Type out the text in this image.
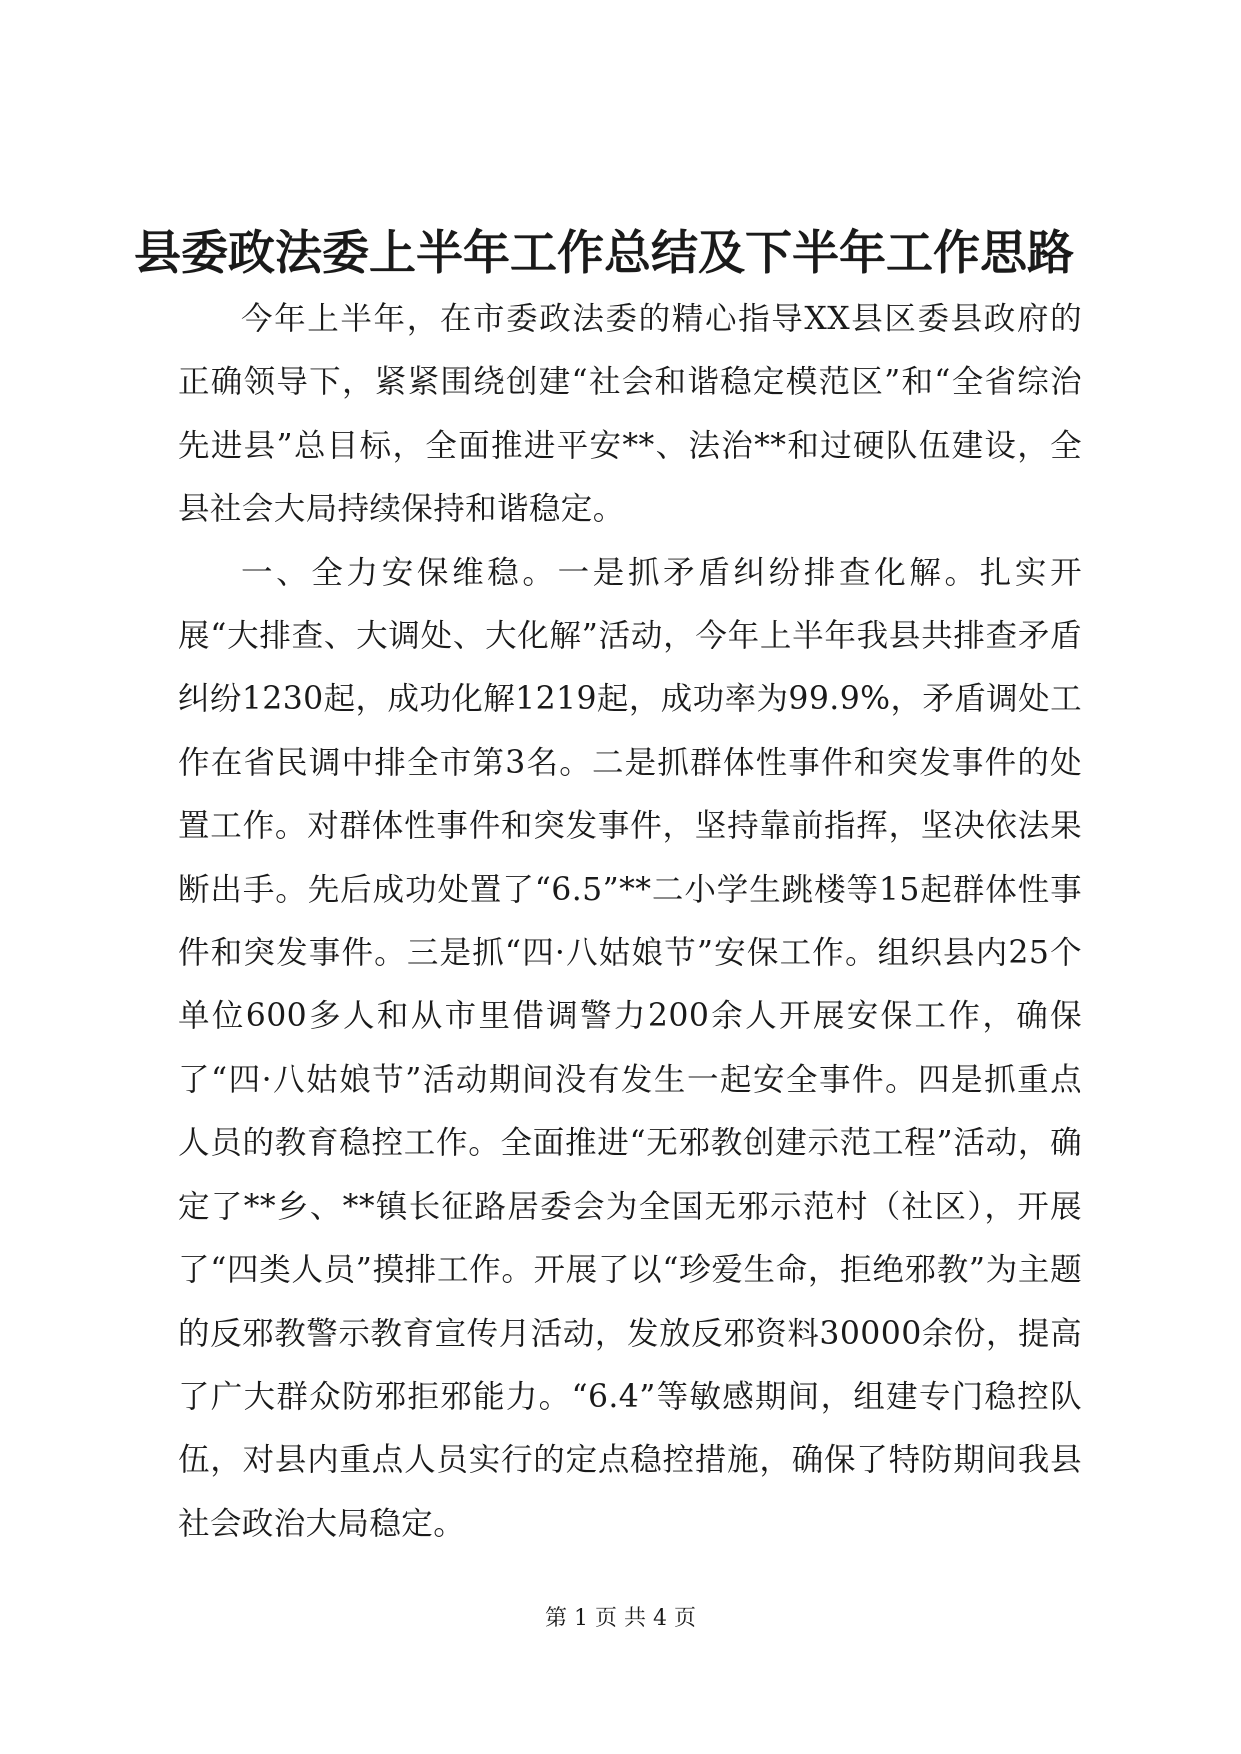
县委政法委上半年工作总结及下半年工作思路

今年上半年，在市委政法委的精心指导XX县区委县政府的正确领导下，紧紧围绕创建“社会和谐稳定模范区”和“全省综治先进县”总目标，全面推进平安**、法治**和过硬队伍建设，全县社会大局持续保持和谐稳定。

一、全力安保维稳。一是抓矛盾纠纷排查化解。扎实开展“大排查、大调处、大化解”活动，今年上半年我县共排查矛盾纠纷1230起，成功化解1219起，成功率为99.9%，矛盾调处工作在省民调中排全市第3名。二是抓群体性事件和突发事件的处置工作。对群体性事件和突发事件，坚持靠前指挥，坚决依法果断出手。先后成功处置了“6.5”**二小学生跳楼等15起群体性事件和突发事件。三是抓“四·八姑娘节”安保工作。组织县内25个单位600多人和从市里借调警力200余人开展安保工作，确保了“四·八姑娘节”活动期间没有发生一起安全事件。四是抓重点人员的教育稳控工作。全面推进“无邪教创建示范工程”活动，确定了**乡、**镇长征路居委会为全国无邪示范村（社区），开展了“四类人员”摸排工作。开展了以“珍爱生命，拒绝邪教”为主题的反邪教警示教育宣传月活动，发放反邪资料30000余份，提高了广大群众防邪拒邪能力。“6.4”等敏感期间，组建专门稳控队伍，对县内重点人员实行的定点稳控措施，确保了特防期间我县社会政治大局稳定。

第 1 页 共 4 页
